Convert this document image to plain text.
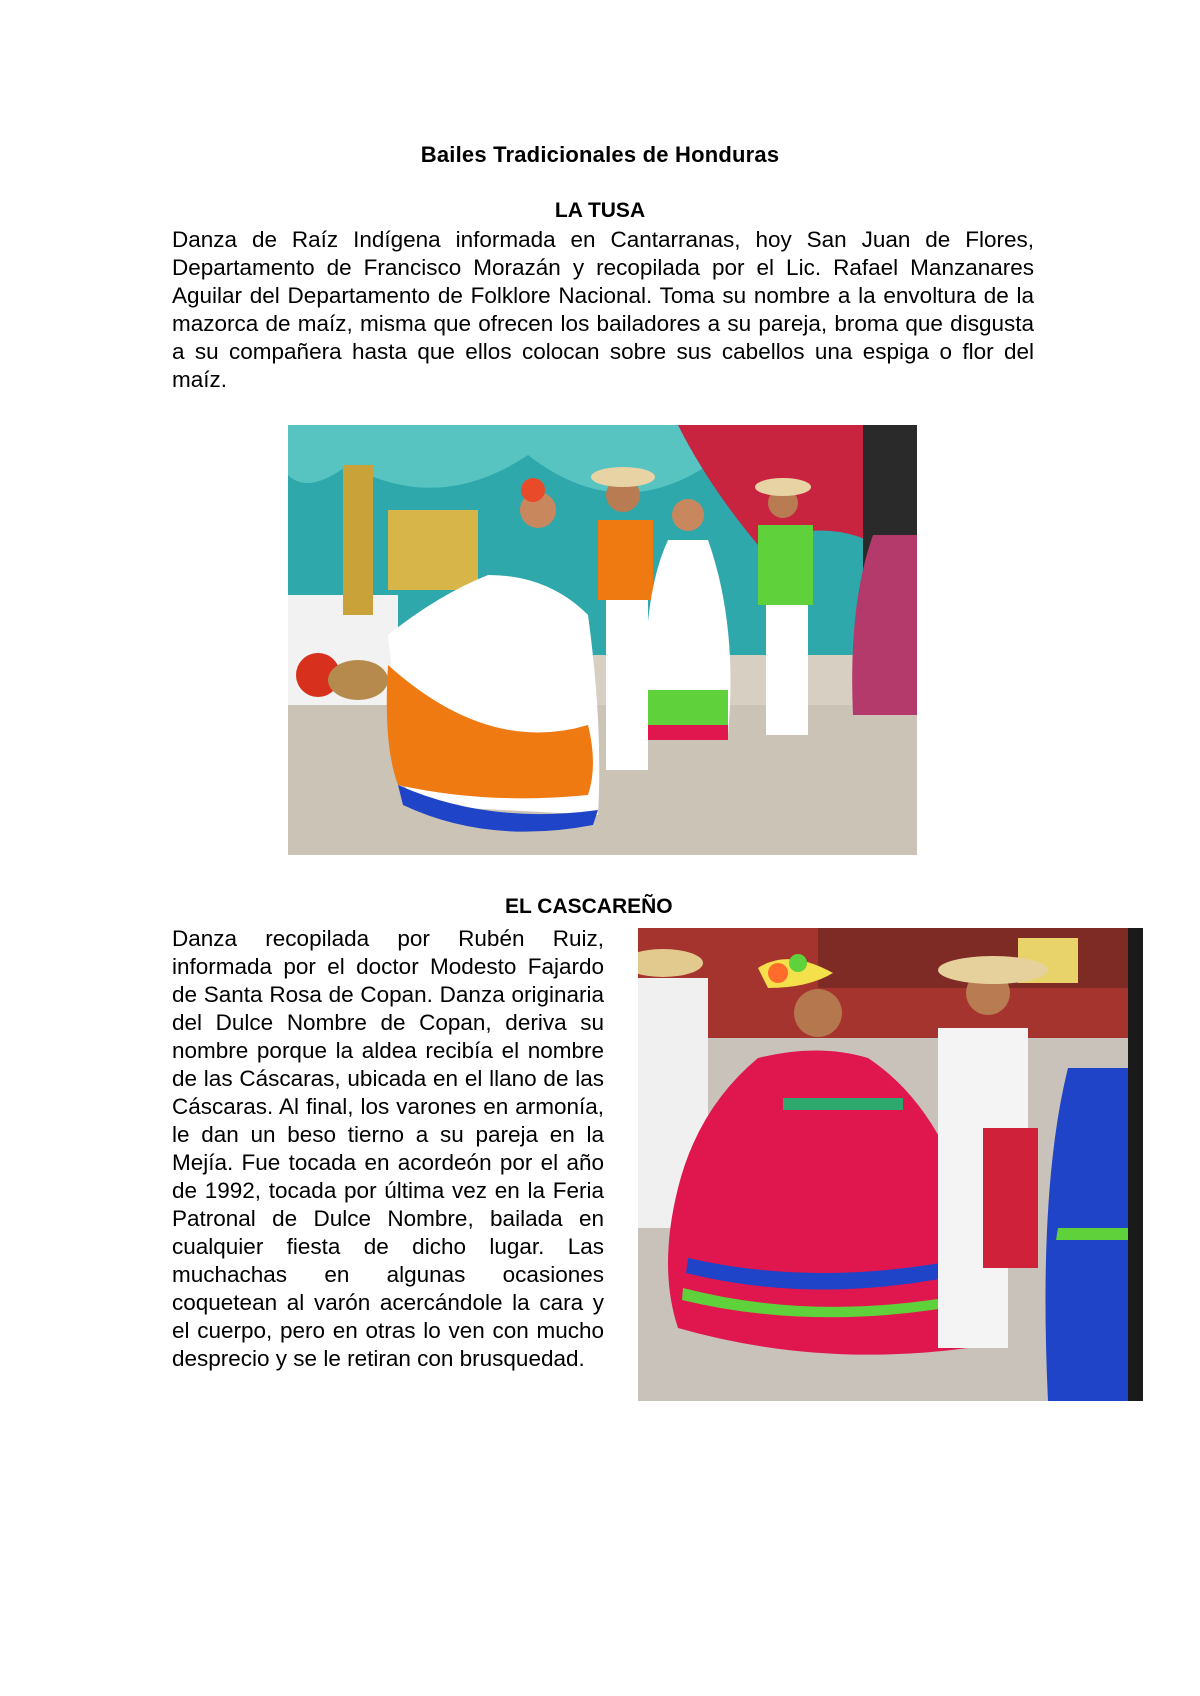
Bailes Tradicionales de Honduras
LA TUSA
Danza de Raíz Indígena informada en Cantarranas, hoy San Juan de Flores, Departamento de Francisco Morazán y recopilada por el Lic. Rafael Manzanares Aguilar del Departamento de Folklore Nacional. Toma su nombre a la envoltura de la mazorca de maíz, misma que ofrecen los bailadores a su pareja, broma que disgusta a su compañera hasta que ellos colocan sobre sus cabellos una espiga o flor del maíz.
EL CASCAREÑO
Danza recopilada por Rubén Ruiz, informada por el doctor Modesto Fajardo de Santa Rosa de Copan. Danza originaria del Dulce Nombre de Copan, deriva su nombre porque la aldea recibía el nombre de las Cáscaras, ubicada en el llano de las Cáscaras. Al final, los varones en armonía, le dan un beso tierno a su pareja en la Mejía. Fue tocada en acordeón por el año de 1992, tocada por última vez en la Feria Patronal de Dulce Nombre, bailada en cualquier fiesta de dicho lugar. Las muchachas en algunas ocasiones coquetean al varón acercándole la cara y el cuerpo, pero en otras lo ven con mucho desprecio y se le retiran con brusquedad.
